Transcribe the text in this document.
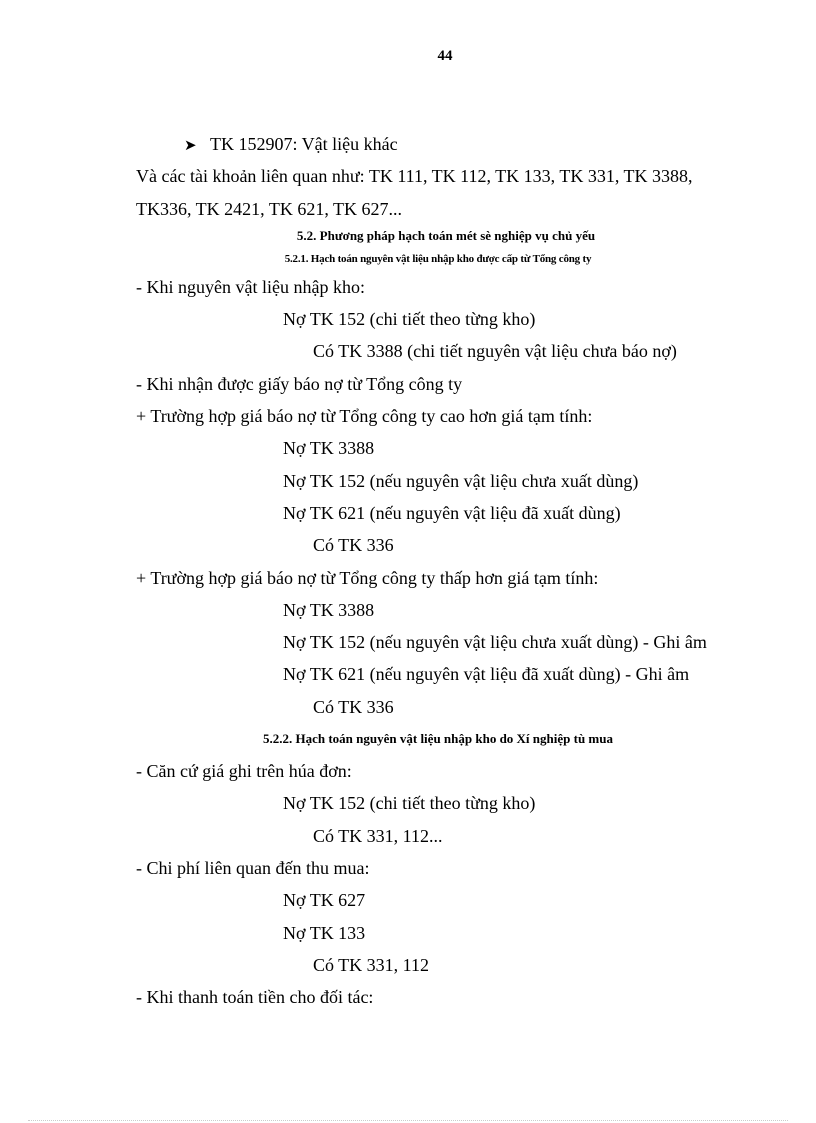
44
➤ TK 152907: Vật liệu khác
Và các tài khoản liên quan như: TK 111, TK 112, TK 133, TK 331, TK 3388,
TK336, TK 2421, TK 621, TK 627...
5.2. Phương pháp hạch toán mét sè nghiệp vụ chủ yếu
5.2.1. Hạch toán nguyên vật liệu nhập kho được cấp từ Tổng công ty
- Khi nguyên vật liệu nhập kho:
Nợ TK 152 (chi tiết theo từng kho)
Có TK 3388 (chi tiết nguyên vật liệu chưa báo nợ)
- Khi nhận được giấy báo nợ từ Tổng công ty
+ Trường hợp giá báo nợ từ Tổng công ty cao hơn giá tạm tính:
Nợ TK 3388
Nợ TK 152 (nếu nguyên vật liệu chưa xuất dùng)
Nợ TK 621 (nếu nguyên vật liệu đã xuất dùng)
Có TK 336
+ Trường hợp giá báo nợ từ Tổng công ty thấp hơn giá tạm tính:
Nợ TK 3388
Nợ TK 152 (nếu nguyên vật liệu chưa xuất dùng) - Ghi âm
Nợ TK 621 (nếu nguyên vật liệu đã xuất dùng) - Ghi âm
Có TK 336
5.2.2. Hạch toán nguyên vật liệu nhập kho do Xí nghiệp tù mua
- Căn cứ giá ghi trên húa đơn:
Nợ TK 152 (chi tiết theo từng kho)
Có TK 331, 112...
- Chi phí liên quan đến thu mua:
Nợ TK 627
Nợ TK 133
Có TK 331, 112
- Khi thanh toán tiền cho đối tác:
